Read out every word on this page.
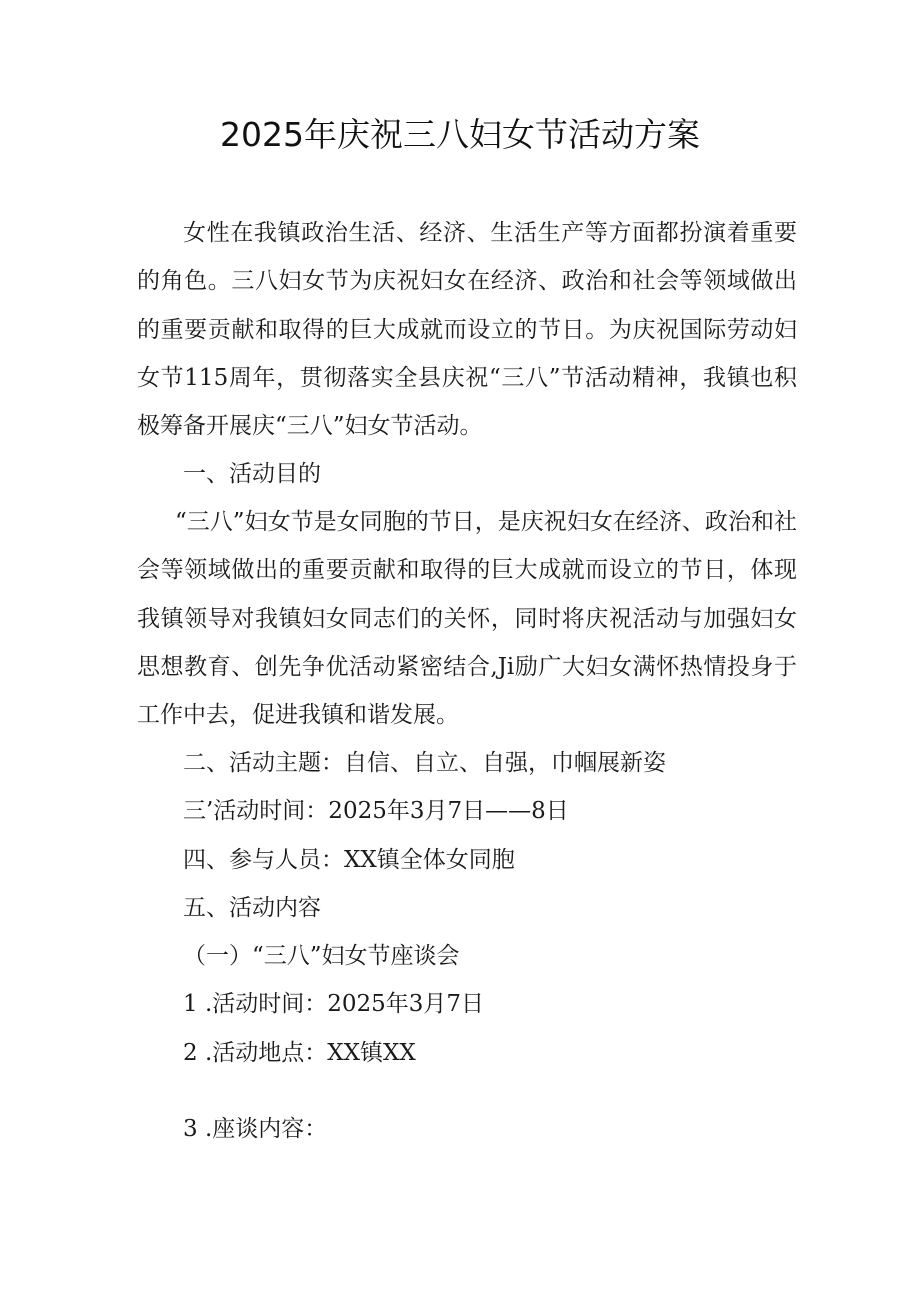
2025年庆祝三八妇女节活动方案

女性在我镇政治生活、经济、生活生产等方面都扮演着重要的角色。三八妇女节为庆祝妇女在经济、政治和社会等领域做出的重要贡献和取得的巨大成就而设立的节日。为庆祝国际劳动妇女节115周年，贯彻落实全县庆祝“三八”节活动精神，我镇也积极筹备开展庆“三八”妇女节活动。

一、活动目的

“三八”妇女节是女同胞的节日，是庆祝妇女在经济、政治和社会等领域做出的重要贡献和取得的巨大成就而设立的节日，体现我镇领导对我镇妇女同志们的关怀，同时将庆祝活动与加强妇女思想教育、创先争优活动紧密结合,Ji励广大妇女满怀热情投身于工作中去，促进我镇和谐发展。

二、活动主题：自信、自立、自强，巾帼展新姿

三’活动时间：2025年3月7日——8日

四、参与人员：XX镇全体女同胞

五、活动内容

（一）“三八”妇女节座谈会

1 .活动时间：2025年3月7日

2 .活动地点：XX镇XX

3 .座谈内容：
